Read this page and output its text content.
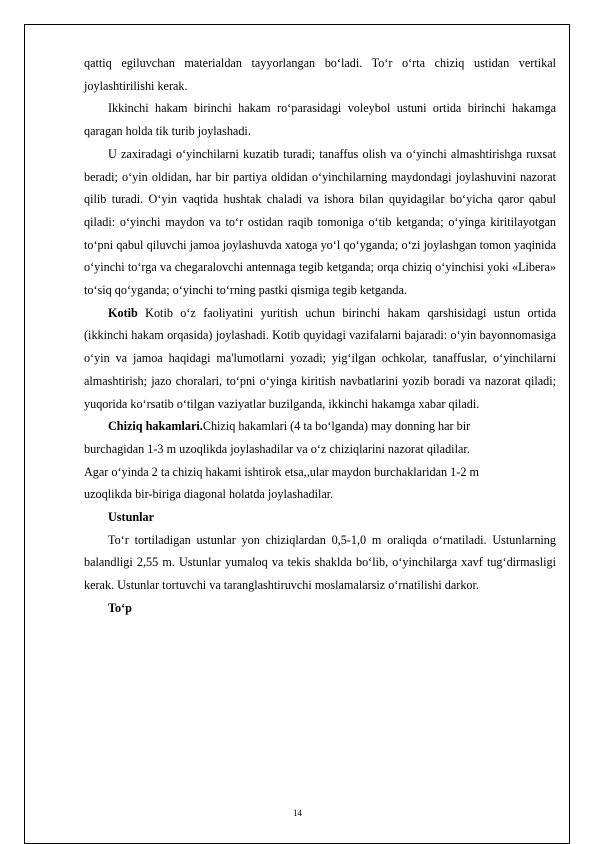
qattiq egiluvchan materialdan tayyorlangan bo‘ladi. To‘r o‘rta chiziq ustidan vertikal joylashtirilishi kerak.

Ikkinchi hakam birinchi hakam ro‘parasidagi voleybol ustuni ortida birinchi hakamga qaragan holda tik turib joylashadi.

U zaxiradagi o‘yinchilarni kuzatib turadi; tanaffus olish va o‘yinchi almashtirishga ruxsat beradi; o‘yin oldidan, har bir partiya oldidan o‘yinchilarning maydondagi joylashuvini nazorat qilib turadi. O‘yin vaqtida hushtak chaladi va ishora bilan quyidagilar bo‘yicha qaror qabul qiladi: o‘yinchi maydon va to‘r ostidan raqib tomoniga o‘tib ketganda; o‘yinga kiritilayotgan to‘pni qabul qiluvchi jamoa joylashuvda xatoga yo‘l qo‘yganda; o‘zi joylashgan tomon yaqinida o‘yinchi to‘rga va chegaralovchi antennaga tegib ketganda; orqa chiziq o‘yinchisi yoki «Libera» to‘siq qo‘yganda; o‘yinchi to‘rning pastki qismiga tegib ketganda.

Kotib Kotib o‘z faoliyatini yuritish uchun birinchi hakam qarshisidagi ustun ortida (ikkinchi hakam orqasida) joylashadi. Kotib quyidagi vazifalarni bajaradi: o‘yin bayonnomasiga o‘yin va jamoa haqidagi ma'lumotlarni yozadi; yig‘ilgan ochkolar, tanaffuslar, o‘yinchilarni almashtirish; jazo choralari, to‘pni o‘yinga kiritish navbatlarini yozib boradi va nazorat qiladi; yuqorida ko‘rsatib o‘tilgan vaziyatlar buzilganda, ikkinchi hakamga xabar qiladi.

Chiziq hakamlari.Chiziq hakamlari (4 ta bo‘lganda) may donning har bir

burchagidan 1-3 m uzoqlikda joylashadilar va o‘z chiziqlarini nazorat qiladilar.

Agar o‘yinda 2 ta chiziq hakami ishtirok etsa,,ular maydon burchaklaridan 1-2 m

uzoqlikda bir-biriga diagonal holatda joylashadilar.

Ustunlar

To‘r tortiladigan ustunlar yon chiziqlardan 0,5-1,0 m oraliqda o‘rnatiladi. Ustunlarning balandligi 2,55 m. Ustunlar yumaloq va tekis shaklda bo‘lib, o‘yinchilarga xavf tug‘dirmasligi kerak. Ustunlar tortuvchi va taranglashtiruvchi moslamalarsiz o‘rnatilishi darkor.

To‘p

14
